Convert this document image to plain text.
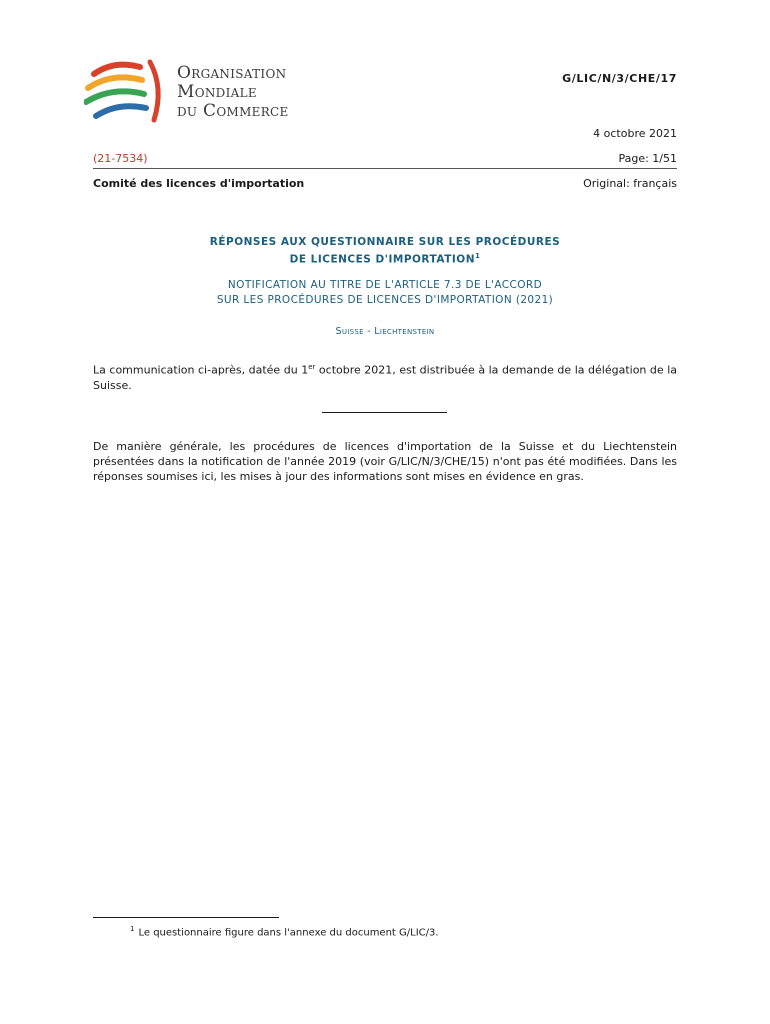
Organisation
Mondiale
du Commerce
G/LIC/N/3/CHE/17
4 octobre 2021
(21-7534)	Page: 1/51
Comité des licences d'importation	Original: français
RÉPONSES AUX QUESTIONNAIRE SUR LES PROCÉDURES
DE LICENCES D'IMPORTATION$^1$
NOTIFICATION AU TITRE DE L'ARTICLE 7.3 DE L'ACCORD
SUR LES PROCÉDURES DE LICENCES D'IMPORTATION (2021)
Suisse - Liechtenstein
La communication ci-après, datée du 1er octobre 2021, est distribuée à la demande de la délégation de la Suisse.
De manière générale, les procédures de licences d'importation de la Suisse et du Liechtenstein présentées dans la notification de l'année 2019 (voir G/LIC/N/3/CHE/15) n'ont pas été modifiées. Dans les réponses soumises ici, les mises à jour des informations sont mises en évidence en gras.
$^1$ Le questionnaire figure dans l'annexe du document G/LIC/3.
